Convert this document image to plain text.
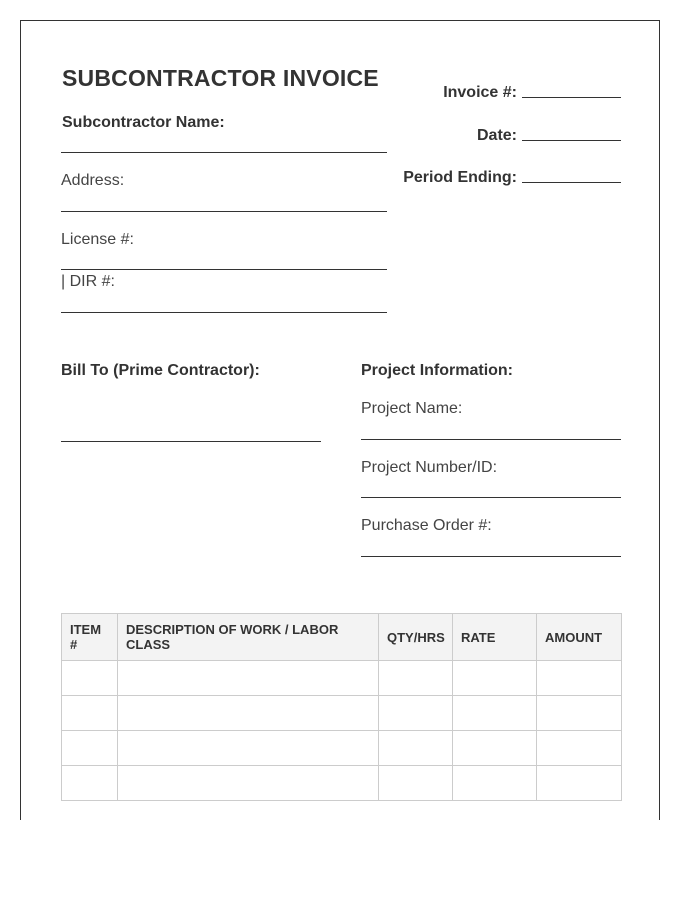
SUBCONTRACTOR INVOICE
Subcontractor Name:
Address:
License #:
| DIR #:
Invoice #:
Date:
Period Ending:
Bill To (Prime Contractor):	Project Information:
Project Name:
Project Number/ID:
Purchase Order #:
ITEM #	DESCRIPTION OF WORK / LABOR CLASS	QTY/HRS	RATE	AMOUNT
